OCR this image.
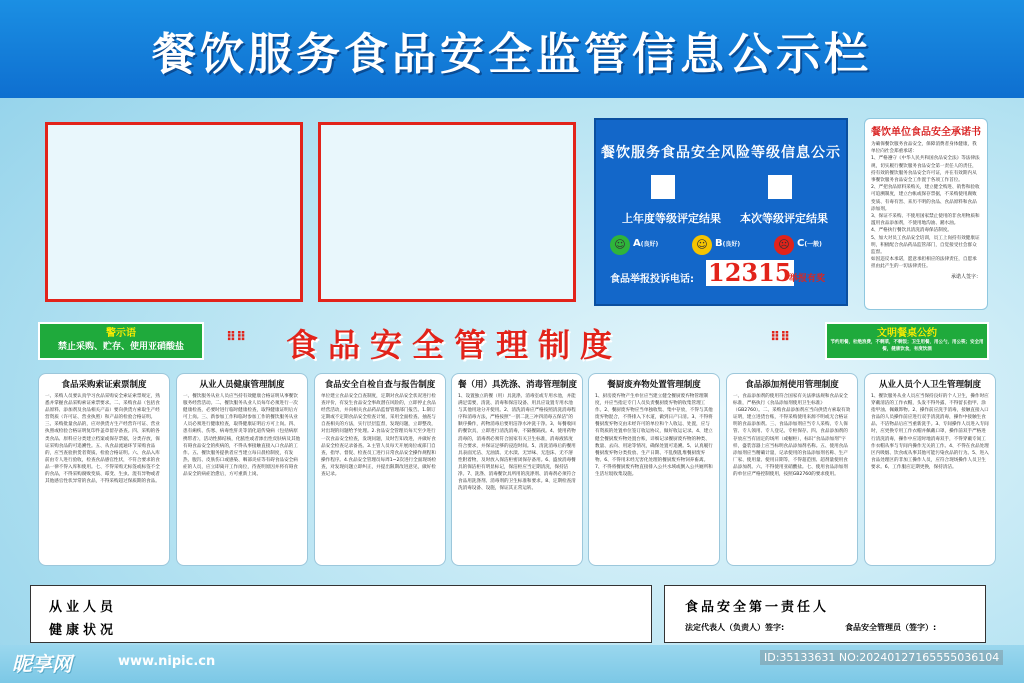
餐饮服务食品安全监管信息公示栏
餐饮服务食品安全风险等级信息公示
上年度等级评定结果 本次等级评定结果
☺ A(良好)	☺ B(良好)	☹ C(一般)
食品举报投诉电话: 12315
举报有奖
餐饮单位食品安全承诺书
为确保餐饮服务食品安全，保障消费者身体健康，我单位向社会郑重承诺：
1、严格遵守《中华人民共和国食品安全法》等法律法规，切实履行餐饮服务食品安全第一责任人的责任，持有效的餐饮服务食品安全许可证，并在有效期内从事餐饮服务食品安全工作置于各项工作首位。
2、严把食品原料采购关，建立健全购进、销售和验收可追溯制度，建立台帐或保存票据，不采购使用腐败变质、有毒有害、来历不明的食品、食品原料和食品添加剂。
3、保证不采购、不使用国家禁止使用的非食用物质和滥用食品添加剂，不使用地沟油、潲水油。
4、严格执行餐饮具清洗消毒保洁制度。
5、加大对员工食品安全培训，员工上岗持有效健康证明，积极配合食品药品监管部门，自觉接受社会群众监督。
如因违反本承诺，愿意承担相应的法律责任，自愿承担由此产生的一切法律责任。
承诺人签字：
警示语
禁止采购、贮存、使用亚硝酸盐
文明餐桌公约
节约用餐，杜绝浪费，不剩菜，不剩饭；卫生用餐，用公勺，用公筷；安全用餐，健康饮食，有度饮酒
⠿⠿ 食品安全管理制度	⠿⠿
食品采购索证索票制度
一、采购人员要认真学习食品采购安全索证索票规定，熟悉并掌握食品采购索证索票要求。二、采购食品（包括食品原料、添加剂及食品相关产品）要向供货方索取生产经营资质（许可证、营业执照）和产品的检验合格证明。三、采购批量食品的，应对供货方生产经营许可证、营业执照或检验合格证明复印件盖章留存备查。四、采购的各类食品、原料应分类建立档案或保存票据，分类存放，保证采购食品的可追溯性。五、从食品流通环节采购食品的，应当查验供货者资质、检验合格证明。六、食品入库前由专人进行验收，检查食品感官性状，不符合要求的食品一律不得入库和使用。七、不得采购无标签或标签不全的食品，不得采购腐败变质、霉变、生虫、混有异物或者其他感官性状异常的食品，不得采购超过保质期的食品。
从业人员健康管理制度
一、餐饮服务从业人员应当持有效健康合格证明从事餐饮服务经营活动。二、餐饮服务从业人员每年必须进行一次健康检查，必要时进行临时健康检查，取得健康证明后方可上岗。三、新参加工作和临时参加工作的餐饮服务从业人员必须进行健康检查，取得健康证明后方可上岗。四、患有痢疾、伤寒、病毒性肝炎等消化道传染病（包括病原携带者），活动性肺结核，化脓性或者渗出性皮肤病及其他有碍食品安全的疾病的，不得从事接触直接入口食品的工作。五、餐饮服务提供者应当建立每日晨检制度，有发热、腹泻、皮肤伤口或感染、咽部炎症等有碍食品安全病症的人员，应立即离开工作岗位，待查明原因并将有碍食品安全的病症治愈后，方可重新上岗。
食品安全自检自查与报告制度
单位建立食品安全自查制度，定期对食品安全状况进行检查评价，有发生食品安全事故潜在风险的，立即停止食品经营活动，并向相关食品药品监督管理部门报告。1.制订定期或不定期食品安全检查计划，采用全面检查、抽查与自查相关的方法，实行层层监督，发现问题，立即整改，对出现的问题给予处理。2.食品安全管理员每天至少进行一次食品安全检查，发现问题，及时告知改进，并做好食品安全检查记录备查。3.主管人员每天开展岗位或部门自查，指导、督促、检查员工进行日常食品安全操作规程和操作程序。4.食品安全管理员每周1~2次进行全面现场检查，对发现问题立即纠正，并提出限期改进意见，做好检查记录。
餐（用）具洗涤、消毒管理制度
1、设置独立的餐（用）具洗涤、消毒室或专用水池，并能满足需要，清洗、消毒和保洁设备、用具应设置专用水池与其他用途分开使用。2、清洗消毒应严格按照清洗消毒程序和消毒方法，严格按照“一刮二洗三冲四消毒五保洁”的顺序操作，药物消毒后要用洁净水冲洗干净。3、每餐收回的餐饮具，立即进行清洗消毒，不隔餐隔夜。4、使用药物消毒的，消毒剂必须符合国家有关卫生标准，消毒液浓度符合要求，并保证足够的浸泡时间。5、清洗消毒后的餐用具表面光洁、无油渍、无水渍、无异味、无泡沫、无不溶性附着物，及时放入保洁柜密闭保存备用。6、盛放消毒餐具的保洁柜有明显标记，保洁柜应当定期清洗，保持洁净。7、洗涤、消毒餐饮具所用的洗涤剂、消毒剂必须符合食品用洗涤剂、消毒剂的卫生标准和要求。8、定期检查清洗消毒设备、设施，保证其正常运转。
餐厨废弃物处置管理制度
1、厨房废弃物产生单位应当建立健全餐厨废弃物管理制度，并应当指定专门人员负责餐厨废弃物的收集管理工作。2、餐厨废弃物应当单独收集、集中存放，不得与其他废弃物混合，不得排入下水道，做到日产日清。3、不得将餐厨废弃物交由未经许可的单位和个人收运、处置，应与有资质的处置单位签订收运协议，做好收运记录。4、建立健全餐厨废弃物处置台账，详细记录餐厨废弃物的种类、数量、去向、用途等情况，确保处置可追溯。5、认真履行餐厨废弃物分类投放、生产日期、不乱倒乱堆餐厨废弃物。6、不得用未经无害化处理的餐厨废弃物饲养畜禽。7、不得将餐厨废弃物直接排入公共水域或倒入公共厕所和生活垃圾收集设施。
食品添加剂使用管理制度
一、食品添加剂的使用符合国家有关法律法规和食品安全标准，严格执行《食品添加剂使用卫生标准》（GB2760）。二、采购食品添加剂应当向供货方索取有效证明，建立进货台账，不得采购使用来源不明或无合格证明的食品添加剂。三、食品添加剂应当专人采购、专人保管、专人领用、专人登记、专柜保存。四、食品添加剂的存放应当有固定的场所（或橱柜），标识“食品添加剂”字样，盛装容器上应当标明食品添加剂名称。五、使用食品添加剂应当精确计量，记录使用的食品添加剂名称、生产厂家、使用量、使用日期等，不得超范围、超剂量使用食品添加剂。六、不得使用亚硝酸盐。七、使用食品添加剂的单位应严格控制使用，按照GB2760的要求使用。
从业人员个人卫生管理制度
1、餐饮服务从业人员应当保持良好的个人卫生，操作时应穿戴清洁的工作衣帽，头发不得外露，不得留长指甲、涂指甲油、佩戴饰物。2、操作前应洗手消毒，接触直接入口食品的人员操作前应进行双手清洗消毒，操作中接触生食品、不洁物品后应当重新洗手。3、专间操作人员进入专间时，应更换专用工作衣帽并佩戴口罩，操作前双手严格进行清洗消毒，操作中应适时地消毒双手，不得穿戴专间工作衣帽从事与专间内操作无关的工作。4、不得在食品处理区内吸烟、饮食或从事其他可能污染食品的行为。5、进入食品处理区的非加工操作人员，应符合现场操作人员卫生要求。6、工作服应定期更换，保持清洁。
从业人员
健康状况
食品安全第一责任人
法定代表人（负责人）签字:	食品安全管理员（签字）:
昵享网	www.nipic.cn	ID:35133631 NO:20240127165555036104
